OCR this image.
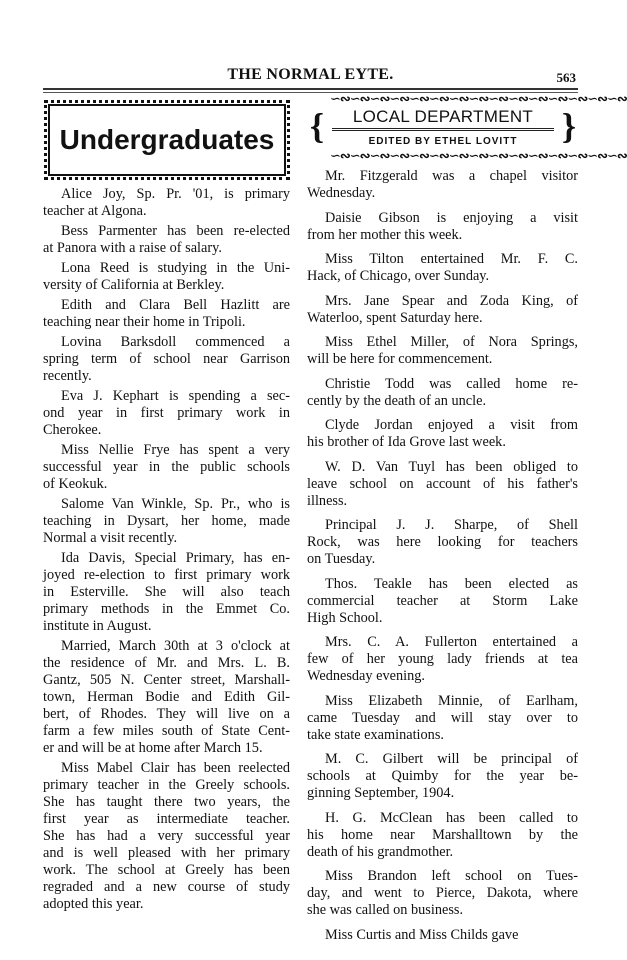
THE NORMAL EYTE.	563
Undergraduates
∽∾∽∾∽∾∽∾∽∾∽∾∽∾∽∾∽∾∽∾∽∾∽∾∽∾∽∾∽∾
{	LOCAL DEPARTMENT
EDITED BY ETHEL LOVITT	}
∽∾∽∾∽∾∽∾∽∾∽∾∽∾∽∾∽∾∽∾∽∾∽∾∽∾∽∾∽∾
Alice Joy, Sp. Pr. '01, is primary
teacher at Algona.
Bess Parmenter has been re-elected
at Panora with a raise of salary.
Lona Reed is studying in the Uni-
versity of California at Berkley.
Edith and Clara Bell Hazlitt are
teaching near their home in Tripoli.
Lovina Barksdoll commenced a
spring term of school near Garrison
recently.
Eva J. Kephart is spending a sec-
ond year in first primary work in
Cherokee.
Miss Nellie Frye has spent a very
successful year in the public schools
of Keokuk.
Salome Van Winkle, Sp. Pr., who is
teaching in Dysart, her home, made
Normal a visit recently.
Ida Davis, Special Primary, has en-
joyed re-election to first primary work
in Esterville. She will also teach
primary methods in the Emmet Co.
institute in August.
Married, March 30th at 3 o'clock at
the residence of Mr. and Mrs. L. B.
Gantz, 505 N. Center street, Marshall-
town, Herman Bodie and Edith Gil-
bert, of Rhodes. They will live on a
farm a few miles south of State Cent-
er and will be at home after March 15.
Miss Mabel Clair has been reelected
primary teacher in the Greely schools.
She has taught there two years, the
first year as intermediate teacher.
She has had a very successful year
and is well pleased with her primary
work. The school at Greely has been
regraded and a new course of study
adopted this year.
Mr. Fitzgerald was a chapel visitor
Wednesday.
Daisie Gibson is enjoying a visit
from her mother this week.
Miss Tilton entertained Mr. F. C.
Hack, of Chicago, over Sunday.
Mrs. Jane Spear and Zoda King, of
Waterloo, spent Saturday here.
Miss Ethel Miller, of Nora Springs,
will be here for commencement.
Christie Todd was called home re-
cently by the death of an uncle.
Clyde Jordan enjoyed a visit from
his brother of Ida Grove last week.
W. D. Van Tuyl has been obliged to
leave school on account of his father's
illness.
Principal J. J. Sharpe, of Shell
Rock, was here looking for teachers
on Tuesday.
Thos. Teakle has been elected as
commercial teacher at Storm Lake
High School.
Mrs. C. A. Fullerton entertained a
few of her young lady friends at tea
Wednesday evening.
Miss Elizabeth Minnie, of Earlham,
came Tuesday and will stay over to
take state examinations.
M. C. Gilbert will be principal of
schools at Quimby for the year be-
ginning September, 1904.
H. G. McClean has been called to
his home near Marshalltown by the
death of his grandmother.
Miss Brandon left school on Tues-
day, and went to Pierce, Dakota, where
she was called on business.
Miss Curtis and Miss Childs gave
